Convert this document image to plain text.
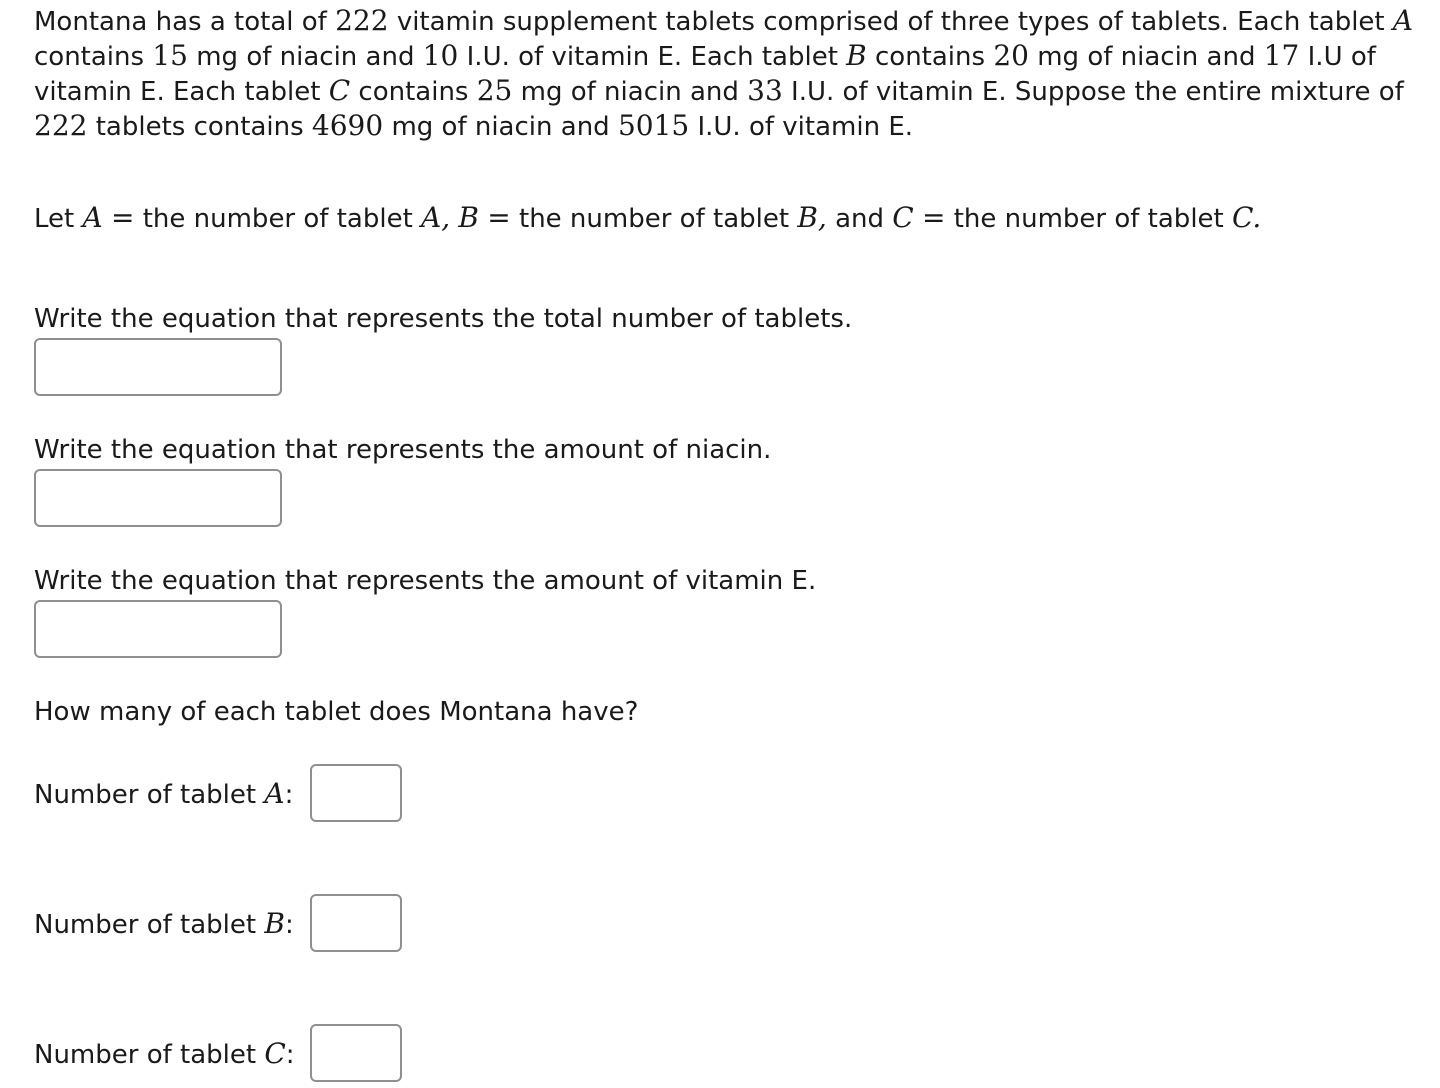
Montana has a total of 222 vitamin supplement tablets comprised of three types of tablets. Each tablet A contains 15 mg of niacin and 10 I.U. of vitamin E. Each tablet B contains 20 mg of niacin and 17 I.U of vitamin E. Each tablet C contains 25 mg of niacin and 33 I.U. of vitamin E. Suppose the entire mixture of 222 tablets contains 4690 mg of niacin and 5015 I.U. of vitamin E.

Let A = the number of tablet A, B = the number of tablet B, and C = the number of tablet C.

Write the equation that represents the total number of tablets.

Write the equation that represents the amount of niacin.

Write the equation that represents the amount of vitamin E.

How many of each tablet does Montana have?

Number of tablet A:
Number of tablet B:
Number of tablet C:
